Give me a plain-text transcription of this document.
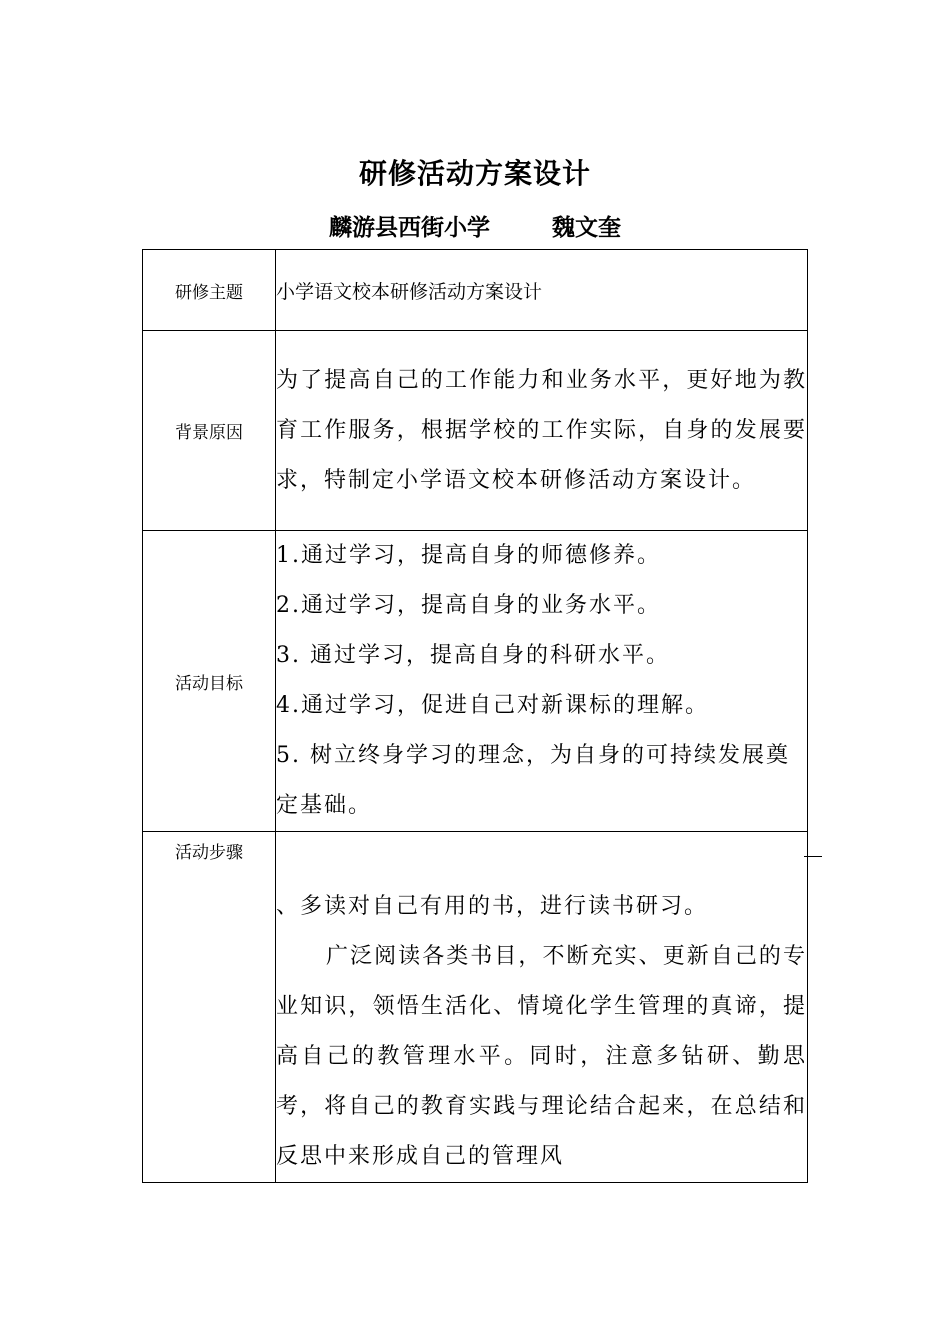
研修活动方案设计
麟游县西街小学	魏文奎
研修主题	小学语文校本研修活动方案设计
背景原因	为了提高自己的工作能力和业务水平，更好地为教育工作服务，根据学校的工作实际，自身的发展要求，特制定小学语文校本研修活动方案设计。

活动目标	1.通过学习，提高自身的师德修养。
2.通过学习，提高自身的业务水平。
3. 通过学习，提高自身的科研水平。
4.通过学习，促进自己对新课标的理解。
5. 树立终身学习的理念，为自身的可持续发展奠定基础。

活动步骤	、多读对自己有用的书，进行读书研习。
广泛阅读各类书目，不断充实、更新自己的专业知识，领悟生活化、情境化学生管理的真谛，提高自己的教管理水平。同时，注意多钻研、勤思考，将自己的教育实践与理论结合起来，在总结和反思中来形成自己的管理风
